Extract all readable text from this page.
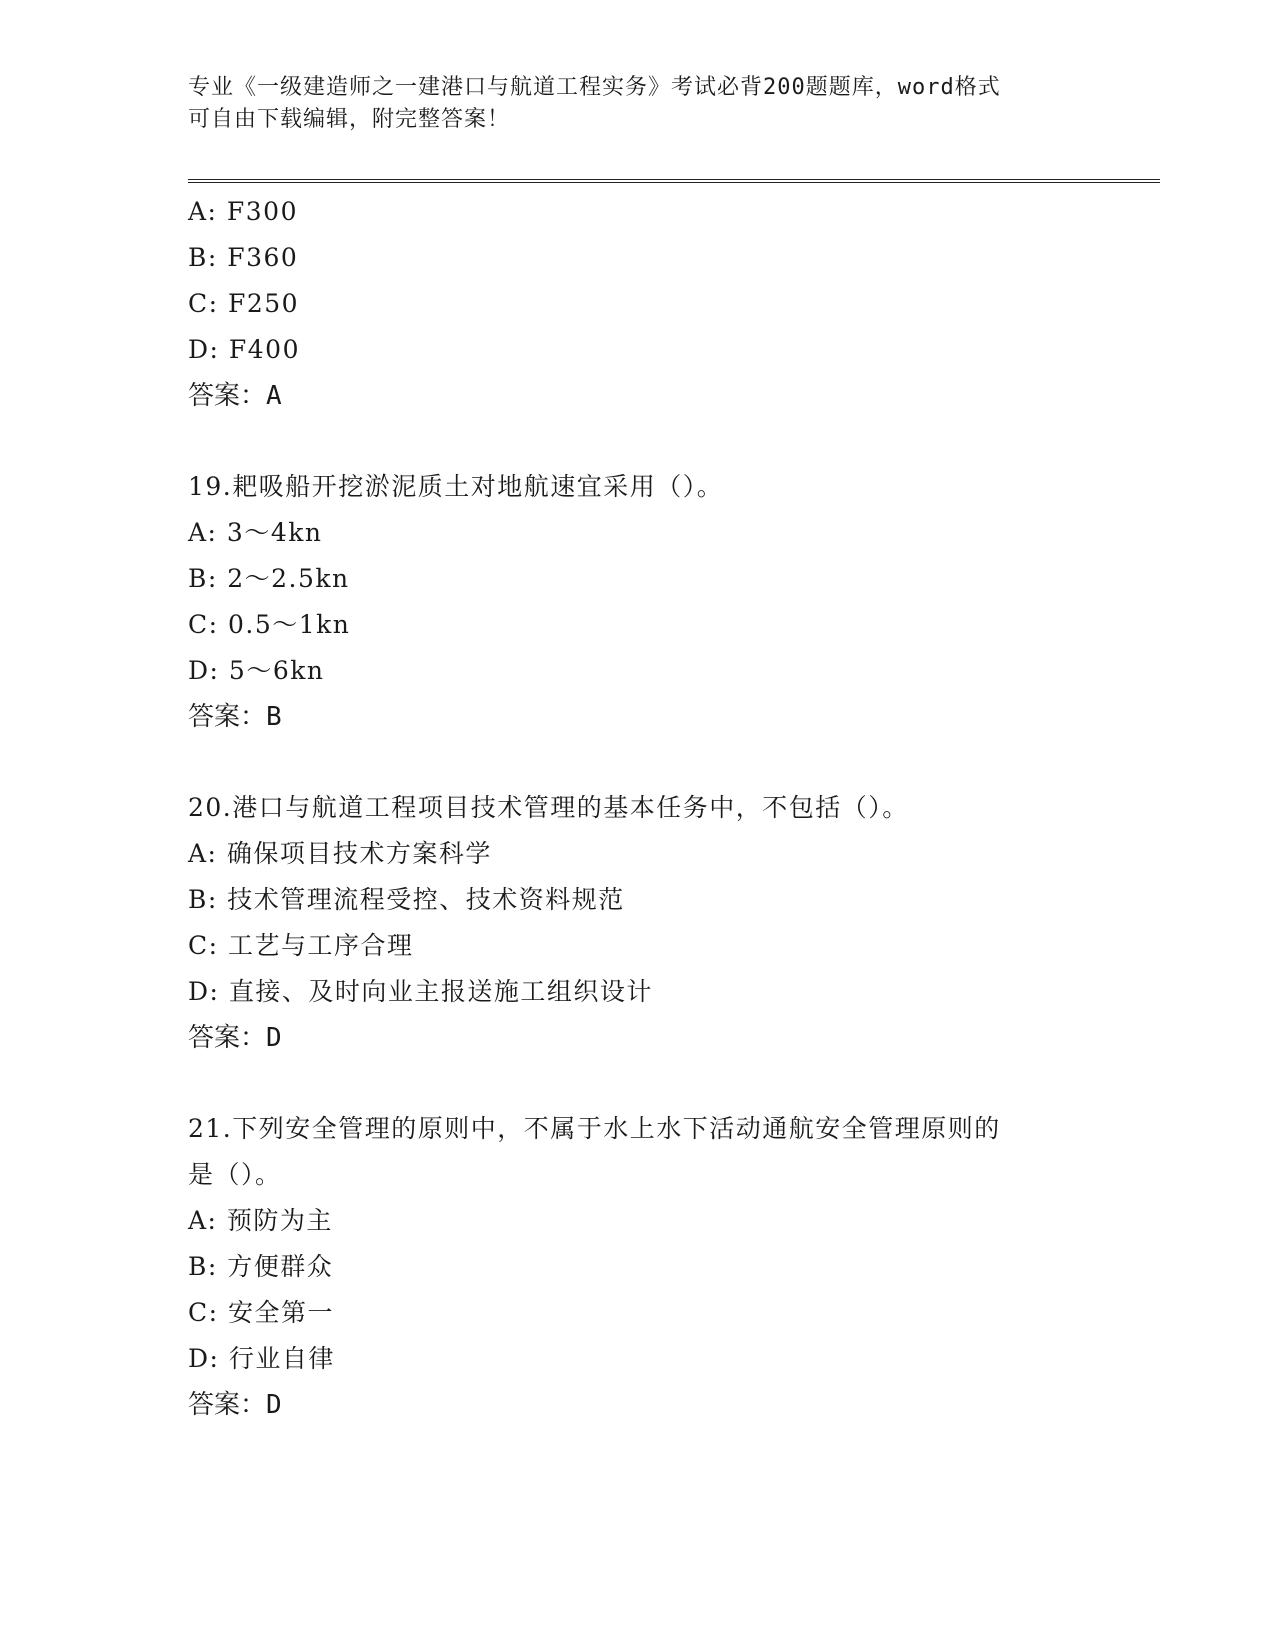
专业《一级建造师之一建港口与航道工程实务》考试必背200题题库，word格式
可自由下载编辑，附完整答案！
A: F300
B: F360
C: F250
D: F400
答案：A
19.耙吸船开挖淤泥质土对地航速宜采用（）。
A: 3～4kn
B: 2～2.5kn
C: 0.5～1kn
D: 5～6kn
答案：B
20.港口与航道工程项目技术管理的基本任务中，不包括（）。
A: 确保项目技术方案科学
B: 技术管理流程受控、技术资料规范
C: 工艺与工序合理
D: 直接、及时向业主报送施工组织设计
答案：D
21.下列安全管理的原则中，不属于水上水下活动通航安全管理原则的
是（）。
A: 预防为主
B: 方便群众
C: 安全第一
D: 行业自律
答案：D
